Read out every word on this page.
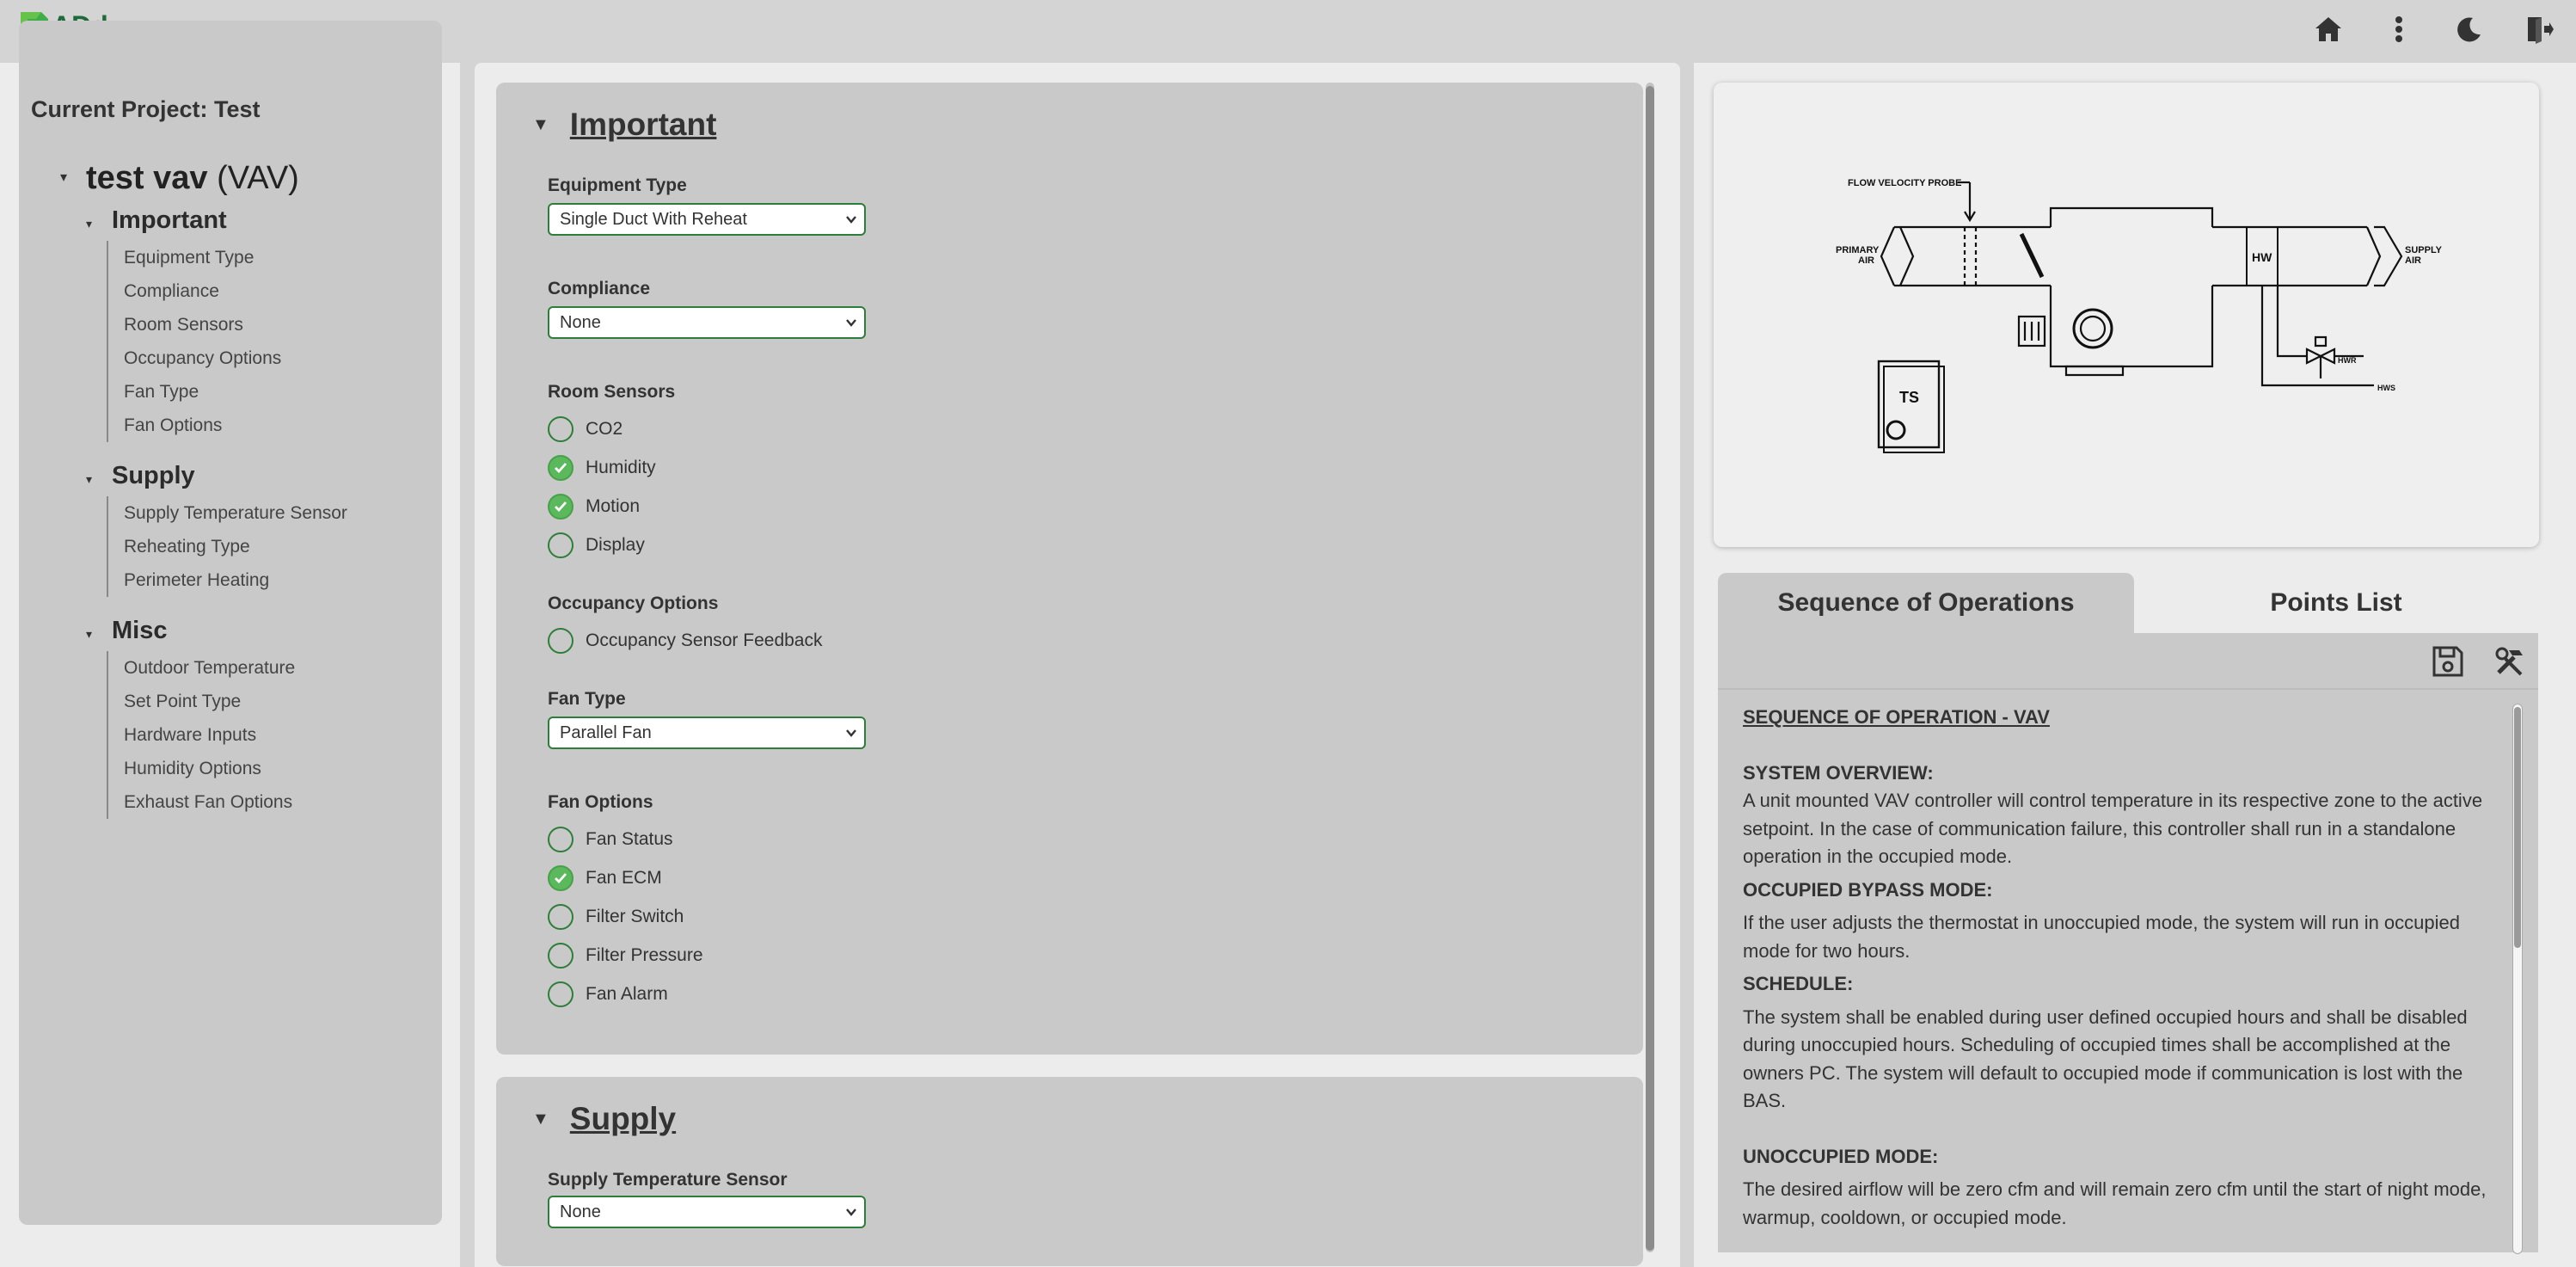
Current Project: Test
▾ test vav (VAV)
▾ Important
Equipment Type
Compliance
Room Sensors
Occupancy Options
Fan Type
Fan Options
▾ Supply
Supply Temperature Sensor
Reheating Type
Perimeter Heating
▾ Misc
Outdoor Temperature
Set Point Type
Hardware Inputs
Humidity Options
Exhaust Fan Options
▼ Important
Equipment Type
Single Duct With Reheat
Compliance
None
Room Sensors
CO2
Humidity
Motion
Display
Occupancy Options
Occupancy Sensor Feedback
Fan Type
Parallel Fan
Fan Options
Fan Status
Fan ECM
Filter Switch
Filter Pressure
Fan Alarm
▼ Supply
Supply Temperature Sensor
None
FLOW VELOCITY PROBE
PRIMARY
AIR
SUPPLY
AIR
HW
HWR
HWS
TS
Sequence of Operations	Points List

SEQUENCE OF OPERATION - VAV

SYSTEM OVERVIEW:

A unit mounted VAV controller will control temperature in its respective zone to the active setpoint. In the case of communication failure, this controller shall run in a standalone operation in the occupied mode.

OCCUPIED BYPASS MODE:

If the user adjusts the thermostat in unoccupied mode, the system will run in occupied mode for two hours.

SCHEDULE:

The system shall be enabled during user defined occupied hours and shall be disabled during unoccupied hours. Scheduling of occupied times shall be accomplished at the owners PC. The system will default to occupied mode if communication is lost with the BAS.

UNOCCUPIED MODE:

The desired airflow will be zero cfm and will remain zero cfm until the start of night mode, warmup, cooldown, or occupied mode.
